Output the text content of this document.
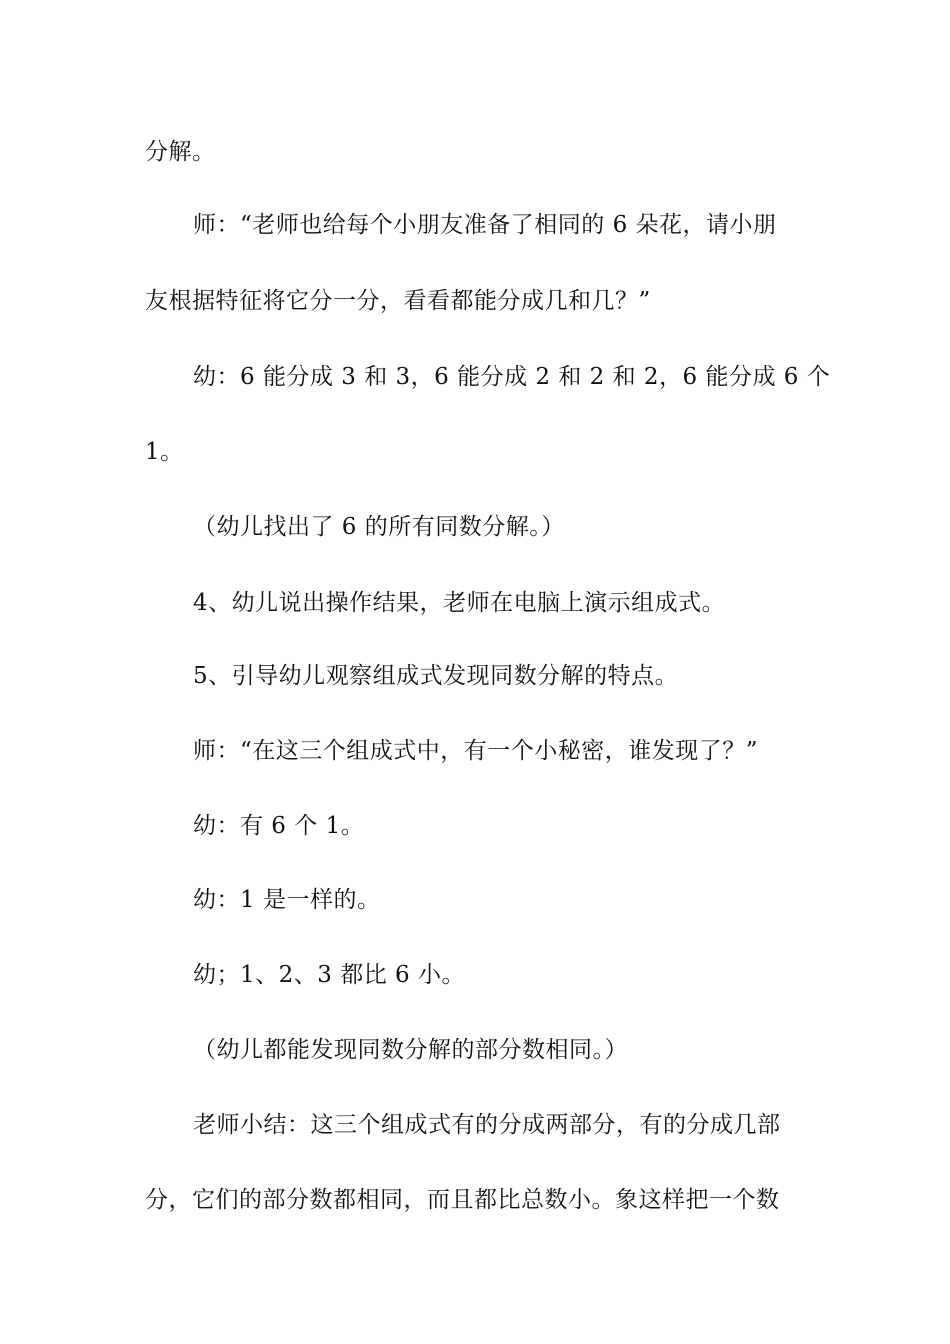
分解。
师：“老师也给每个小朋友准备了相同的 6 朵花，请小朋
友根据特征将它分一分，看看都能分成几和几？”
幼：6 能分成 3 和 3，6 能分成 2 和 2 和 2，6 能分成 6 个
1。
（幼儿找出了 6 的所有同数分解。）
4、幼儿说出操作结果，老师在电脑上演示组成式。
5、引导幼儿观察组成式发现同数分解的特点。
师：“在这三个组成式中，有一个小秘密，谁发现了？”
幼：有 6 个 1。
幼：1 是一样的。
幼；1、2、3 都比 6 小。
（幼儿都能发现同数分解的部分数相同。）
老师小结：这三个组成式有的分成两部分，有的分成几部
分，它们的部分数都相同，而且都比总数小。象这样把一个数
